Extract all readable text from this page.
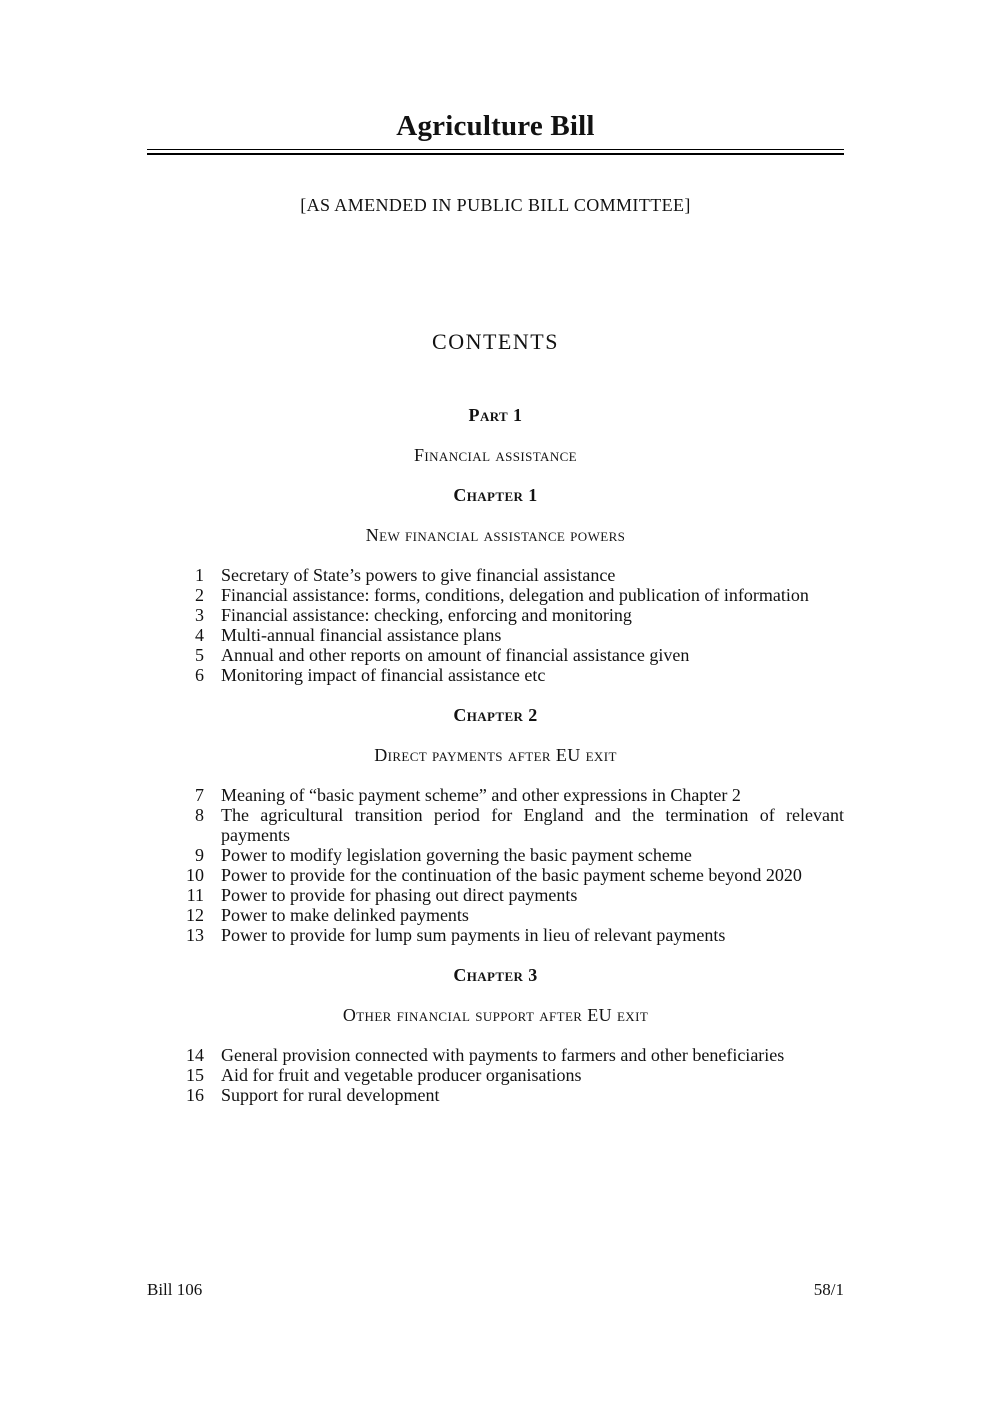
Agriculture Bill

[AS AMENDED IN PUBLIC BILL COMMITTEE]

CONTENTS

Part 1

Financial assistance

Chapter 1

New financial assistance powers

1 Secretary of State’s powers to give financial assistance
2 Financial assistance: forms, conditions, delegation and publication of information
3 Financial assistance: checking, enforcing and monitoring
4 Multi-annual financial assistance plans
5 Annual and other reports on amount of financial assistance given
6 Monitoring impact of financial assistance etc

Chapter 2

Direct payments after EU exit

7 Meaning of “basic payment scheme” and other expressions in Chapter 2
8 The agricultural transition period for England and the termination of relevant payments
9 Power to modify legislation governing the basic payment scheme
10 Power to provide for the continuation of the basic payment scheme beyond 2020
11 Power to provide for phasing out direct payments
12 Power to make delinked payments
13 Power to provide for lump sum payments in lieu of relevant payments

Chapter 3

Other financial support after EU exit

14 General provision connected with payments to farmers and other beneficiaries
15 Aid for fruit and vegetable producer organisations
16 Support for rural development
Bill 106	58/1
